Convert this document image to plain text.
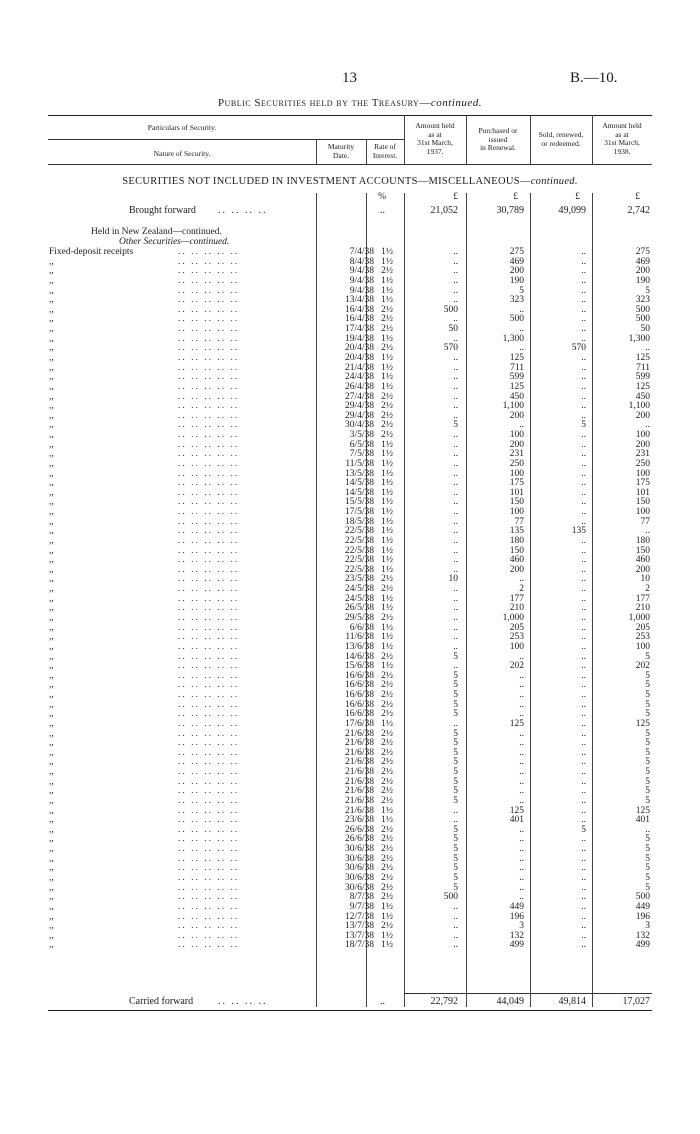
13	B.—10.
Public Securities held by the Treasury—continued.
Particulars of Security.
Nature of Security.
Maturity
Date.
Rate of
Interest.
Amount held
as at
31st March,
1937.
Purchased or
issued
in Renewal.
Sold, renewed,
or redeemed.
Amount held
as at
31st March,
1938.
SECURITIES NOT INCLUDED IN INVESTMENT ACCOUNTS—MISCELLANEOUS—continued.
%	£	£	£	£
Brought forward .. .. .. ..	..	21,052	30,789	49,099	2,742
Held in New Zealand—continued.
Other Securities—continued.
Fixed-deposit receipts	.. .. .. .. ..	7/4/38 1½	..	275	..	275
,,	.. .. .. .. ..	8/4/38 1½	..	469	..	469
,,	.. .. .. .. ..	9/4/38 2½	..	200	..	200
,,	.. .. .. .. ..	9/4/38 1½	..	190	..	190
,,	.. .. .. .. ..	9/4/38 1½	..	5	..	5
,,	.. .. .. .. ..	13/4/38 1½	..	323	..	323
,,	.. .. .. .. ..	16/4/38 2½	500	..	..	500
,,	.. .. .. .. ..	16/4/38 2½	..	500	..	500
,,	.. .. .. .. ..	17/4/38 2½	50	..	..	50
,,	.. .. .. .. ..	19/4/38 1½	..	1,300	..	1,300
,,	.. .. .. .. ..	20/4/38 2½	570	..	570	..
,,	.. .. .. .. ..	20/4/38 1½	..	125	..	125
,,	.. .. .. .. ..	21/4/38 1½	..	711	..	711
,,	.. .. .. .. ..	24/4/38 1½	..	599	..	599
,,	.. .. .. .. ..	26/4/38 1½	..	125	..	125
,,	.. .. .. .. ..	27/4/38 2½	..	450	..	450
,,	.. .. .. .. ..	29/4/38 2½	..	1,100	..	1,100
,,	.. .. .. .. ..	29/4/38 2½	..	200	..	200
,,	.. .. .. .. ..	30/4/38 2½	5	..	5	..
,,	.. .. .. .. ..	3/5/38 2½	..	100	..	100
,,	.. .. .. .. ..	6/5/38 1½	..	200	..	200
,,	.. .. .. .. ..	7/5/38 1½	..	231	..	231
,,	.. .. .. .. ..	11/5/38 1½	..	250	..	250
,,	.. .. .. .. ..	13/5/38 1½	..	100	..	100
,,	.. .. .. .. ..	14/5/38 1½	..	175	..	175
,,	.. .. .. .. ..	14/5/38 1½	..	101	..	101
,,	.. .. .. .. ..	15/5/38 1½	..	150	..	150
,,	.. .. .. .. ..	17/5/38 1½	..	100	..	100
,,	.. .. .. .. ..	18/5/38 1½	..	77	..	77
,,	.. .. .. .. ..	22/5/38 1½	..	135	135	..
,,	.. .. .. .. ..	22/5/38 1½	..	180	..	180
,,	.. .. .. .. ..	22/5/38 1½	..	150	..	150
,,	.. .. .. .. ..	22/5/38 1½	..	460	..	460
,,	.. .. .. .. ..	22/5/38 1½	..	200	..	200
,,	.. .. .. .. ..	23/5/38 2½	10	..	..	10
,,	.. .. .. .. ..	24/5/38 2½	..	2	..	2
,,	.. .. .. .. ..	24/5/38 1½	..	177	..	177
,,	.. .. .. .. ..	26/5/38 1½	..	210	..	210
,,	.. .. .. .. ..	29/5/38 2½	..	1,000	..	1,000
,,	.. .. .. .. ..	6/6/38 1½	..	205	..	205
,,	.. .. .. .. ..	11/6/38 1½	..	253	..	253
,,	.. .. .. .. ..	13/6/38 1½	..	100	..	100
,,	.. .. .. .. ..	14/6/38 2½	5	..	..	5
,,	.. .. .. .. ..	15/6/38 1½	..	202	..	202
,,	.. .. .. .. ..	16/6/38 2½	5	..	..	5
,,	.. .. .. .. ..	16/6/38 2½	5	..	..	5
,,	.. .. .. .. ..	16/6/38 2½	5	..	..	5
,,	.. .. .. .. ..	16/6/38 2½	5	..	..	5
,,	.. .. .. .. ..	16/6/38 2½	5	..	..	5
,,	.. .. .. .. ..	17/6/38 1½	..	125	..	125
,,	.. .. .. .. ..	21/6/38 2½	5	..	..	5
,,	.. .. .. .. ..	21/6/38 2½	5	..	..	5
,,	.. .. .. .. ..	21/6/38 2½	5	..	..	5
,,	.. .. .. .. ..	21/6/38 2½	5	..	..	5
,,	.. .. .. .. ..	21/6/38 2½	5	..	..	5
,,	.. .. .. .. ..	21/6/38 2½	5	..	..	5
,,	.. .. .. .. ..	21/6/38 2½	5	..	..	5
,,	.. .. .. .. ..	21/6/38 2½	5	..	..	5
,,	.. .. .. .. ..	21/6/38 1½	..	125	..	125
,,	.. .. .. .. ..	23/6/38 1½	..	401	..	401
,,	.. .. .. .. ..	26/6/38 2½	5	..	5	..
,,	.. .. .. .. ..	26/6/38 2½	5	..	..	5
,,	.. .. .. .. ..	30/6/38 2½	5	..	..	5
,,	.. .. .. .. ..	30/6/38 2½	5	..	..	5
,,	.. .. .. .. ..	30/6/38 2½	5	..	..	5
,,	.. .. .. .. ..	30/6/38 2½	5	..	..	5
,,	.. .. .. .. ..	30/6/38 2½	5	..	..	5
,,	.. .. .. .. ..	8/7/38 2½	500	..	..	500
,,	.. .. .. .. ..	9/7/38 1½	..	449	..	449
,,	.. .. .. .. ..	12/7/38 1½	..	196	..	196
,,	.. .. .. .. ..	13/7/38 2½	..	3	..	3
,,	.. .. .. .. ..	13/7/38 1½	..	132	..	132
,,	.. .. .. .. ..	18/7/38 1½	..	499	..	499
Carried forward .. .. .. ..	..	22,792	44,049	49,814	17,027
